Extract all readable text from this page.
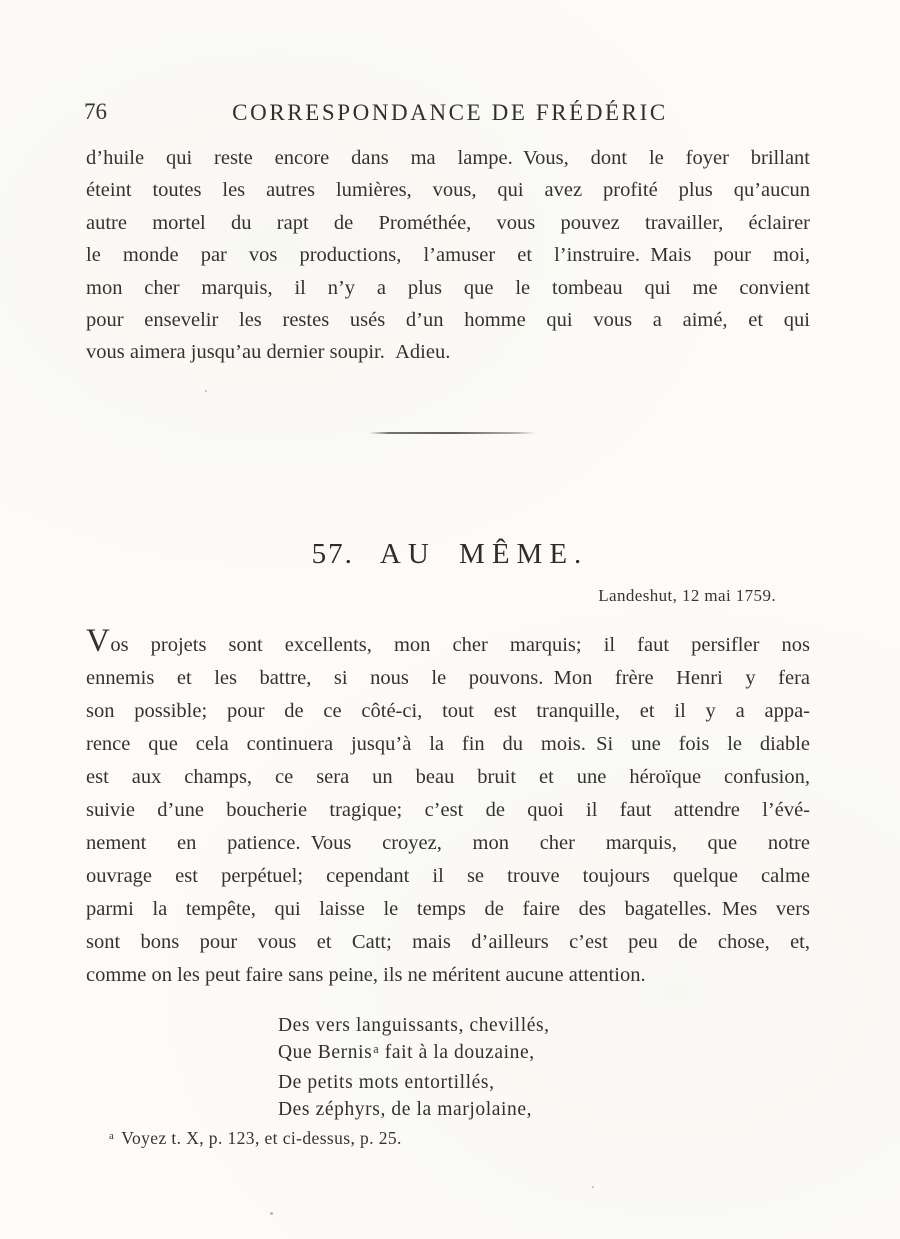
76	CORRESPONDANCE DE FRÉDÉRIC
d’huile qui reste encore dans ma lampe. Vous, dont le foyer brillant
éteint toutes les autres lumières, vous, qui avez profité plus qu’aucun
autre mortel du rapt de Prométhée, vous pouvez travailler, éclairer
le monde par vos productions, l’amuser et l’instruire. Mais pour moi,
mon cher marquis, il n’y a plus que le tombeau qui me convient
pour ensevelir les restes usés d’un homme qui vous a aimé, et qui
vous aimera jusqu’au dernier soupir. Adieu.
57. AU MÊME.
Landeshut, 12 mai 1759.
Vos projets sont excellents, mon cher marquis; il faut persifler nos
ennemis et les battre, si nous le pouvons. Mon frère Henri y fera
son possible; pour de ce côté-ci, tout est tranquille, et il y a appa-
rence que cela continuera jusqu’à la fin du mois. Si une fois le diable
est aux champs, ce sera un beau bruit et une héroïque confusion,
suivie d’une boucherie tragique; c’est de quoi il faut attendre l’évé-
nement en patience. Vous croyez, mon cher marquis, que notre
ouvrage est perpétuel; cependant il se trouve toujours quelque calme
parmi la tempête, qui laisse le temps de faire des bagatelles. Mes vers
sont bons pour vous et Catt; mais d’ailleurs c’est peu de chose, et,
comme on les peut faire sans peine, ils ne méritent aucune attention.
Des vers languissants, chevillés,
Que Bernis$^a$ fait à la douzaine,
De petits mots entortillés,
Des zéphyrs, de la marjolaine,
$^a$ Voyez t. X, p. 123, et ci-dessus, p. 25.
